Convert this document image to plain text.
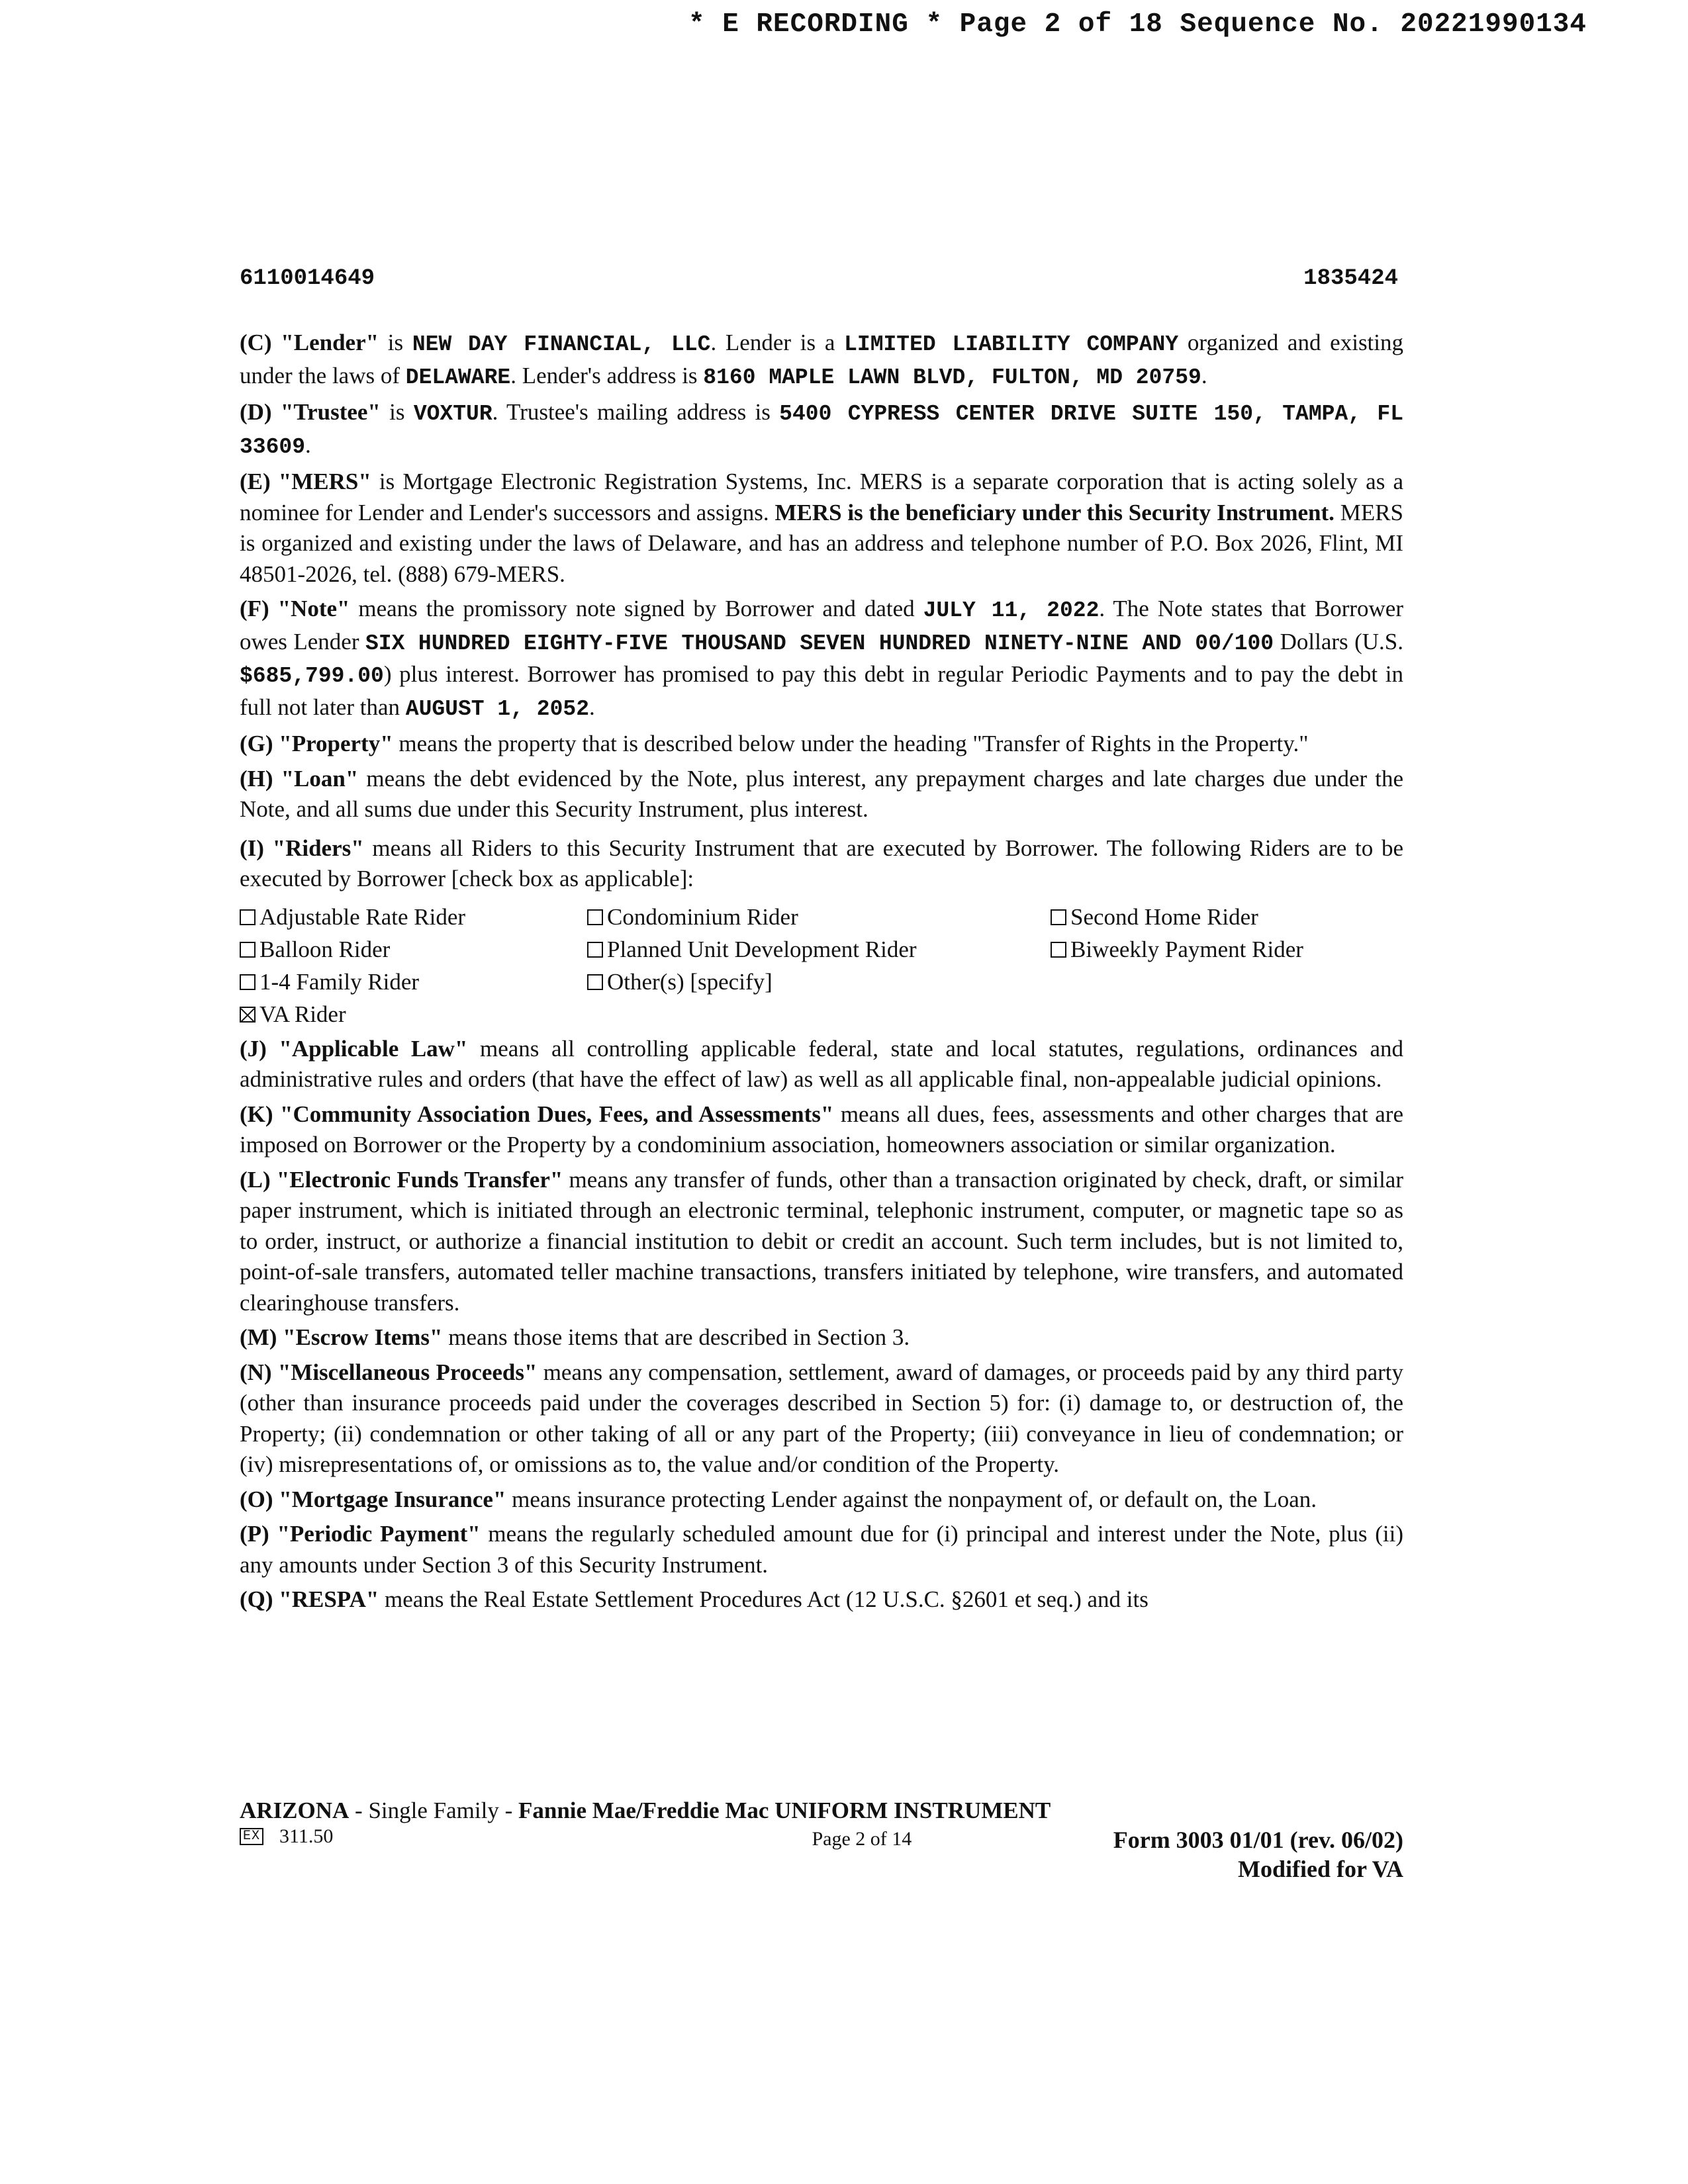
* E RECORDING * Page 2 of 18 Sequence No. 20221990134
6110014649	1835424

(C) "Lender" is NEW DAY FINANCIAL, LLC. Lender is a LIMITED LIABILITY COMPANY organized and existing under the laws of DELAWARE. Lender's address is 8160 MAPLE LAWN BLVD, FULTON, MD 20759.

(D) "Trustee" is VOXTUR. Trustee's mailing address is 5400 CYPRESS CENTER DRIVE SUITE 150, TAMPA, FL 33609.

(E) "MERS" is Mortgage Electronic Registration Systems, Inc. MERS is a separate corporation that is acting solely as a nominee for Lender and Lender's successors and assigns. MERS is the beneficiary under this Security Instrument. MERS is organized and existing under the laws of Delaware, and has an address and telephone number of P.O. Box 2026, Flint, MI 48501-2026, tel. (888) 679-MERS.

(F) "Note" means the promissory note signed by Borrower and dated JULY 11, 2022. The Note states that Borrower owes Lender SIX HUNDRED EIGHTY-FIVE THOUSAND SEVEN HUNDRED NINETY-NINE AND 00/100 Dollars (U.S. $685,799.00) plus interest. Borrower has promised to pay this debt in regular Periodic Payments and to pay the debt in full not later than AUGUST 1, 2052.

(G) "Property" means the property that is described below under the heading "Transfer of Rights in the Property."

(H) "Loan" means the debt evidenced by the Note, plus interest, any prepayment charges and late charges due under the Note, and all sums due under this Security Instrument, plus interest.

(I) "Riders" means all Riders to this Security Instrument that are executed by Borrower. The following Riders are to be executed by Borrower [check box as applicable]:

Adjustable Rate Rider	Condominium Rider	Second Home Rider
Balloon Rider	Planned Unit Development Rider	Biweekly Payment Rider
1-4 Family Rider	Other(s) [specify]
VA Rider

(J) "Applicable Law" means all controlling applicable federal, state and local statutes, regulations, ordinances and administrative rules and orders (that have the effect of law) as well as all applicable final, non-appealable judicial opinions.

(K) "Community Association Dues, Fees, and Assessments" means all dues, fees, assessments and other charges that are imposed on Borrower or the Property by a condominium association, homeowners association or similar organization.

(L) "Electronic Funds Transfer" means any transfer of funds, other than a transaction originated by check, draft, or similar paper instrument, which is initiated through an electronic terminal, telephonic instrument, computer, or magnetic tape so as to order, instruct, or authorize a financial institution to debit or credit an account. Such term includes, but is not limited to, point-of-sale transfers, automated teller machine transactions, transfers initiated by telephone, wire transfers, and automated clearinghouse transfers.

(M) "Escrow Items" means those items that are described in Section 3.

(N) "Miscellaneous Proceeds" means any compensation, settlement, award of damages, or proceeds paid by any third party (other than insurance proceeds paid under the coverages described in Section 5) for: (i) damage to, or destruction of, the Property; (ii) condemnation or other taking of all or any part of the Property; (iii) conveyance in lieu of condemnation; or (iv) misrepresentations of, or omissions as to, the value and/or condition of the Property.

(O) "Mortgage Insurance" means insurance protecting Lender against the nonpayment of, or default on, the Loan.

(P) "Periodic Payment" means the regularly scheduled amount due for (i) principal and interest under the Note, plus (ii) any amounts under Section 3 of this Security Instrument.

(Q) "RESPA" means the Real Estate Settlement Procedures Act (12 U.S.C. §2601 et seq.) and its

ARIZONA - Single Family - Fannie Mae/Freddie Mac UNIFORM INSTRUMENT
EX 311.50	Page 2 of 14	Form 3003 01/01 (rev. 06/02)
Modified for VA
